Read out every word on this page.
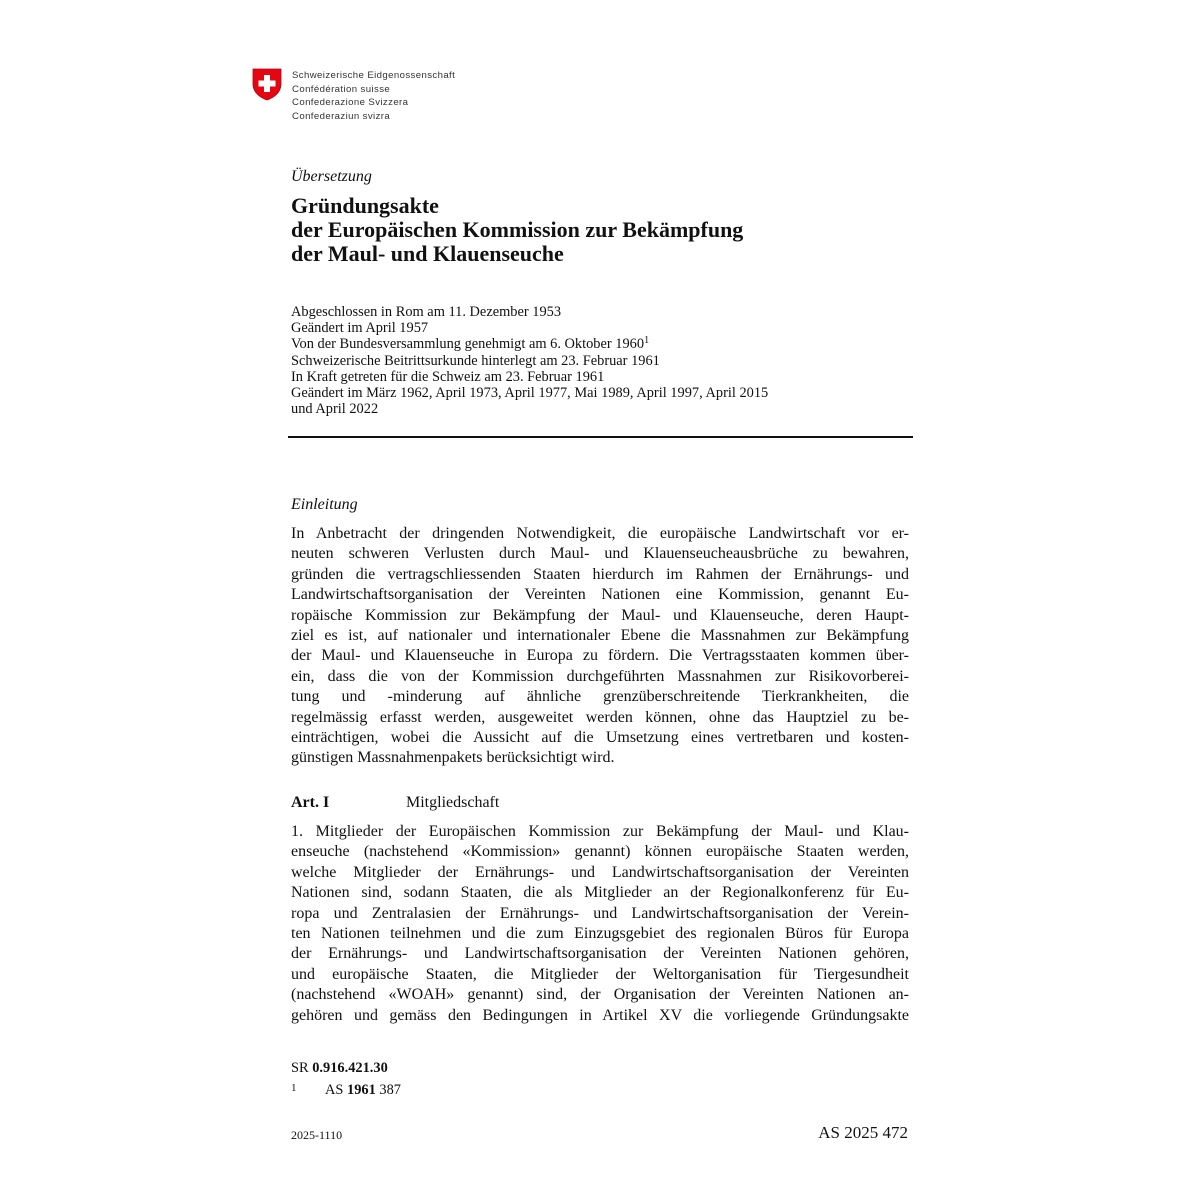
Schweizerische Eidgenossenschaft
Confédération suisse
Confederazione Svizzera
Confederaziun svizra
Übersetzung
Gründungsakte
der Europäischen Kommission zur Bekämpfung
der Maul- und Klauenseuche
Abgeschlossen in Rom am 11. Dezember 1953
Geändert im April 1957
Von der Bundesversammlung genehmigt am 6. Oktober 1960$^1$
Schweizerische Beitrittsurkunde hinterlegt am 23. Februar 1961
In Kraft getreten für die Schweiz am 23. Februar 1961
Geändert im März 1962, April 1973, April 1977, Mai 1989, April 1997, April 2015
und April 2022
Einleitung
In Anbetracht der dringenden Notwendigkeit, die europäische Landwirtschaft vor er-
neuten schweren Verlusten durch Maul- und Klauenseucheausbrüche zu bewahren,
gründen die vertragschliessenden Staaten hierdurch im Rahmen der Ernährungs- und
Landwirtschaftsorganisation der Vereinten Nationen eine Kommission, genannt Eu-
ropäische Kommission zur Bekämpfung der Maul- und Klauenseuche, deren Haupt-
ziel es ist, auf nationaler und internationaler Ebene die Massnahmen zur Bekämpfung
der Maul- und Klauenseuche in Europa zu fördern. Die Vertragsstaaten kommen über-
ein, dass die von der Kommission durchgeführten Massnahmen zur Risikovorberei-
tung und -minderung auf ähnliche grenzüberschreitende Tierkrankheiten, die
regelmässig erfasst werden, ausgeweitet werden können, ohne das Hauptziel zu be-
einträchtigen, wobei die Aussicht auf die Umsetzung eines vertretbaren und kosten-
günstigen Massnahmenpakets berücksichtigt wird.
Art. I	Mitgliedschaft
1. Mitglieder der Europäischen Kommission zur Bekämpfung der Maul- und Klau-
enseuche (nachstehend «Kommission» genannt) können europäische Staaten werden,
welche Mitglieder der Ernährungs- und Landwirtschaftsorganisation der Vereinten
Nationen sind, sodann Staaten, die als Mitglieder an der Regionalkonferenz für Eu-
ropa und Zentralasien der Ernährungs- und Landwirtschaftsorganisation der Verein-
ten Nationen teilnehmen und die zum Einzugsgebiet des regionalen Büros für Europa
der Ernährungs- und Landwirtschaftsorganisation der Vereinten Nationen gehören,
und europäische Staaten, die Mitglieder der Weltorganisation für Tiergesundheit
(nachstehend «WOAH» genannt) sind, der Organisation der Vereinten Nationen an-
gehören und gemäss den Bedingungen in Artikel XV die vorliegende Gründungsakte
SR 0.916.421.30
1 AS 1961 387
2025-1110	AS 2025 472
